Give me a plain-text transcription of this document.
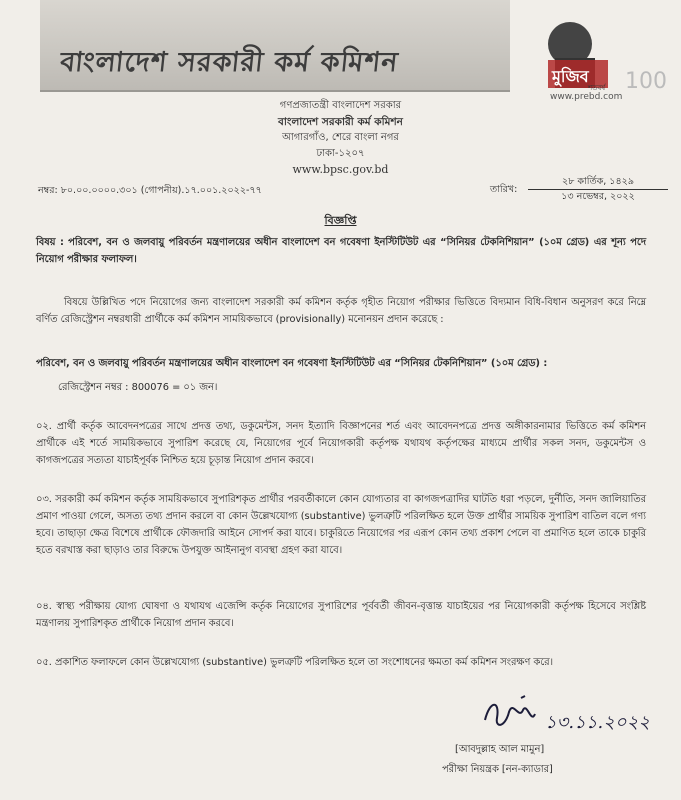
বাংলাদেশ সরকারী কর্ম কমিশন	মুজিব
শতবর্ষ 100
www.prebd.com
গণপ্রজাতন্ত্রী বাংলাদেশ সরকার
বাংলাদেশ সরকারী কর্ম কমিশন
আগারগাঁও, শেরে বাংলা নগর
ঢাকা-১২০৭
www.bpsc.gov.bd
নম্বর: ৮০.০০.০০০০.৩০১ (গোপনীয়).১৭.০০১.২০২২-৭৭	তারিখ:
২৮ কার্তিক, ১৪২৯
১৩ নভেম্বর, ২০২২
বিজ্ঞপ্তি
বিষয় : পরিবেশ, বন ও জলবায়ু পরিবর্তন মন্ত্রণালয়ের অধীন বাংলাদেশ বন গবেষণা ইনস্টিটিউট এর “সিনিয়র টেকনিশিয়ান” (১০ম গ্রেড) এর শূন্য পদে নিয়োগ পরীক্ষার ফলাফল।
বিষয়ে উল্লিখিত পদে নিয়োগের জন্য বাংলাদেশ সরকারী কর্ম কমিশন কর্তৃক গৃহীত নিয়োগ পরীক্ষার ভিত্তিতে বিদ্যমান বিধি-বিধান অনুসরণ করে নিম্নে বর্ণিত রেজিস্ট্রেশন নম্বরধারী প্রার্থীকে কর্ম কমিশন সাময়িকভাবে (provisionally) মনোনয়ন প্রদান করেছে :
পরিবেশ, বন ও জলবায়ু পরিবর্তন মন্ত্রণালয়ের অধীন বাংলাদেশ বন গবেষণা ইনস্টিটিউট এর “সিনিয়র টেকনিশিয়ান” (১০ম গ্রেড) :
রেজিস্ট্রেশন নম্বর : 800076 = ০১ জন।
০২. প্রার্থী কর্তৃক আবেদনপত্রের সাথে প্রদত্ত তথ্য, ডকুমেন্টস, সনদ ইত্যাদি বিজ্ঞাপনের শর্ত এবং আবেদনপত্রে প্রদত্ত অঙ্গীকারনামার ভিত্তিতে কর্ম কমিশন প্রার্থীকে এই শর্তে সাময়িকভাবে সুপারিশ করেছে যে, নিয়োগের পূর্বে নিয়োগকারী কর্তৃপক্ষ যথাযথ কর্তৃপক্ষের মাধ্যমে প্রার্থীর সকল সনদ, ডকুমেন্টস ও কাগজপত্রের সত্যতা যাচাইপূর্বক নিশ্চিত হয়ে চূড়ান্ত নিয়োগ প্রদান করবে।
০৩. সরকারী কর্ম কমিশন কর্তৃক সাময়িকভাবে সুপারিশকৃত প্রার্থীর পরবর্তীকালে কোন যোগ্যতার বা কাগজপত্রাদির ঘাটতি ধরা পড়লে, দুর্নীতি, সনদ জালিয়াতির প্রমাণ পাওয়া গেলে, অসত্য তথ্য প্রদান করলে বা কোন উল্লেখযোগ্য (substantive) ভুলত্রুটি পরিলক্ষিত হলে উক্ত প্রার্থীর সাময়িক সুপারিশ বাতিল বলে গণ্য হবে। তাছাড়া ক্ষেত্র বিশেষে প্রার্থীকে ফৌজদারি আইনে সোপর্দ করা যাবে। চাকুরিতে নিয়োগের পর এরূপ কোন তথ্য প্রকাশ পেলে বা প্রমাণিত হলে তাকে চাকুরি হতে বরখাস্ত করা ছাড়াও তার বিরুদ্ধে উপযুক্ত আইনানুগ ব্যবস্থা গ্রহণ করা যাবে।
০৪. স্বাস্থ্য পরীক্ষায় যোগ্য ঘোষণা ও যথাযথ এজেন্সি কর্তৃক নিয়োগের সুপারিশের পূর্ববর্তী জীবন-বৃত্তান্ত যাচাইয়ের পর নিয়োগকারী কর্তৃপক্ষ হিসেবে সংশ্লিষ্ট মন্ত্রণালয় সুপারিশকৃত প্রার্থীকে নিয়োগ প্রদান করবে।
০৫. প্রকাশিত ফলাফলে কোন উল্লেখযোগ্য (substantive) ভুলত্রুটি পরিলক্ষিত হলে তা সংশোধনের ক্ষমতা কর্ম কমিশন সংরক্ষণ করে।
১৩.১১.২০২২
[আবদুল্লাহ আল মামুন]
পরীক্ষা নিয়ন্ত্রক [নন-ক্যাডার]
